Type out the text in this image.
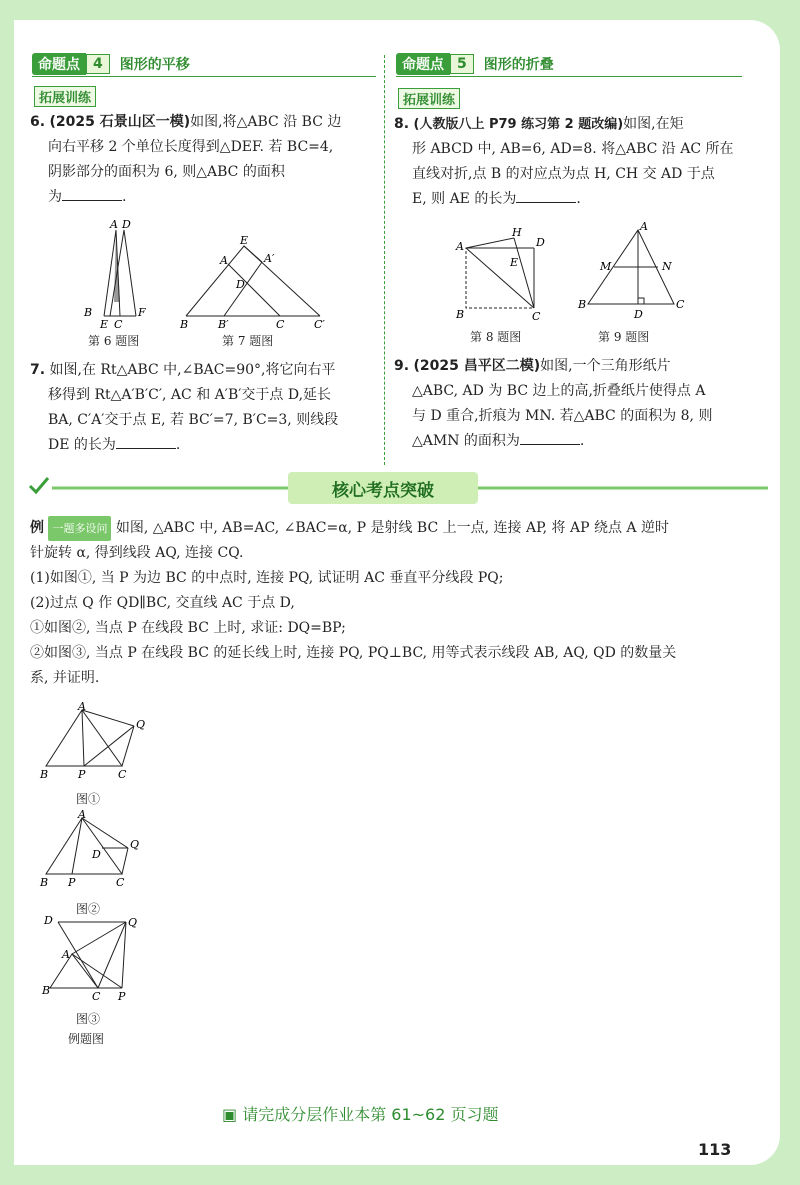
命题点 4	图形的平移
拓展训练
命题点 5	图形的折叠
拓展训练
6. (2025 石景山区一模)如图,将△ABC 沿 BC 边
向右平移 2 个单位长度得到△DEF. 若 BC=4,
阴影部分的面积为 6, 则△ABC 的面积
为	.
A D
B
E C
F
第 6 题图
E
A	A′
D
B	B′	C	C′
第 7 题图
7. 如图,在 Rt△ABC 中,∠BAC=90°,将它向右平
移得到 Rt△A′B′C′, AC 和 A′B′交于点 D,延长
BA, C′A′交于点 E, 若 BC′=7, B′C=3, 则线段
DE 的长为	.
8. (人教版八上 P79 练习第 2 题改编)如图,在矩
形 ABCD 中, AB=6, AD=8. 将△ABC 沿 AC 所在
直线对折,点 B 的对应点为点 H, CH 交 AD 于点
E, 则 AE 的长为	.
A
H
D
E
B	C
第 8 题图
A
M	N
B
D
C
第 9 题图
9. (2025 昌平区二模)如图,一个三角形纸片
△ABC, AD 为 BC 边上的高,折叠纸片使得点 A
与 D 重合,折痕为 MN. 若△ABC 的面积为 8, 则
△AMN 的面积为	.
核心考点突破
例 一题多设问 如图, △ABC 中, AB=AC, ∠BAC=α, P 是射线 BC 上一点, 连接 AP, 将 AP 绕点 A 逆时
针旋转 α, 得到线段 AQ, 连接 CQ.
(1)如图①, 当 P 为边 BC 的中点时, 连接 PQ, 试证明 AC 垂直平分线段 PQ;
(2)过点 Q 作 QD∥BC, 交直线 AC 于点 D,
①如图②, 当点 P 在线段 BC 上时, 求证: DQ=BP;
②如图③, 当点 P 在线段 BC 的延长线上时, 连接 PQ, PQ⊥BC, 用等式表示线段 AB, AQ, QD 的数量关
系, 并证明.
A
Q
B	P	C
图①
A
D
Q
B P	C
图②
D	Q
A
B	C P
图③
例题图
▣ 请完成分层作业本第 61~62 页习题
113
